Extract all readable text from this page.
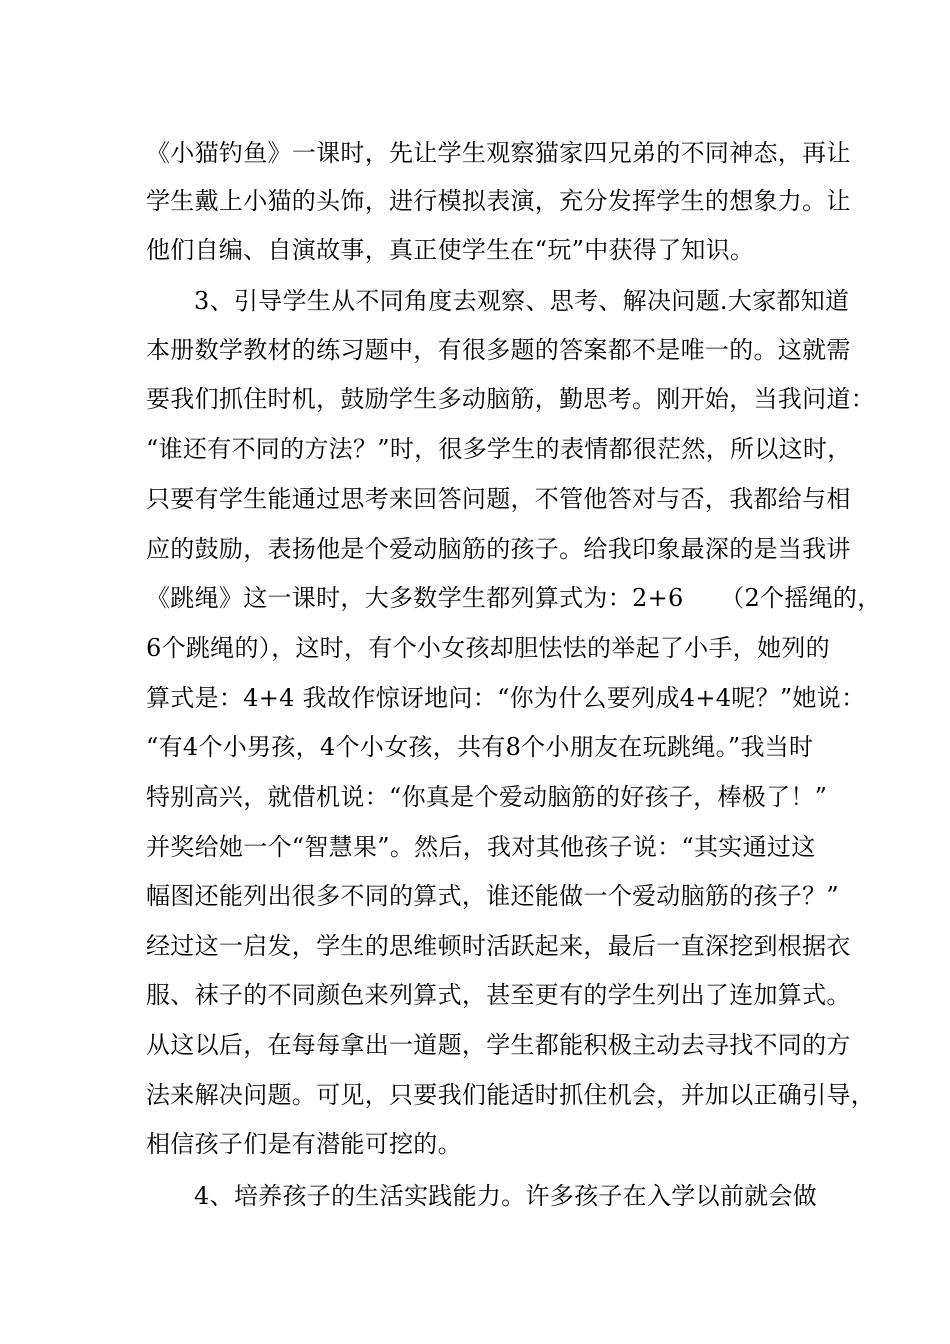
《小猫钓鱼》一课时，先让学生观察猫家四兄弟的不同神态，再让

学生戴上小猫的头饰，进行模拟表演，充分发挥学生的想象力。让

他们自编、自演故事，真正使学生在“玩”中获得了知识。

3、引导学生从不同角度去观察、思考、解决问题.大家都知道

本册数学教材的练习题中，有很多题的答案都不是唯一的。这就需

要我们抓住时机，鼓励学生多动脑筋，勤思考。刚开始，当我问道：

“谁还有不同的方法？”时，很多学生的表情都很茫然，所以这时，

只要有学生能通过思考来回答问题，不管他答对与否，我都给与相

应的鼓励，表扬他是个爱动脑筋的孩子。给我印象最深的是当我讲

《跳绳》这一课时，大多数学生都列算式为：2+6　　（2个摇绳的，

6个跳绳的），这时，有个小女孩却胆怯怯的举起了小手，她列的

算式是：4+4 我故作惊讶地问：“你为什么要列成4+4呢？”她说：

“有4个小男孩，4个小女孩，共有8个小朋友在玩跳绳。”我当时

特别高兴，就借机说：“你真是个爱动脑筋的好孩子，棒极了！”

并奖给她一个“智慧果”。然后，我对其他孩子说：“其实通过这

幅图还能列出很多不同的算式，谁还能做一个爱动脑筋的孩子？”

经过这一启发，学生的思维顿时活跃起来，最后一直深挖到根据衣

服、袜子的不同颜色来列算式，甚至更有的学生列出了连加算式。

从这以后，在每每拿出一道题，学生都能积极主动去寻找不同的方

法来解决问题。可见，只要我们能适时抓住机会，并加以正确引导，

相信孩子们是有潜能可挖的。

4、培养孩子的生活实践能力。许多孩子在入学以前就会做
